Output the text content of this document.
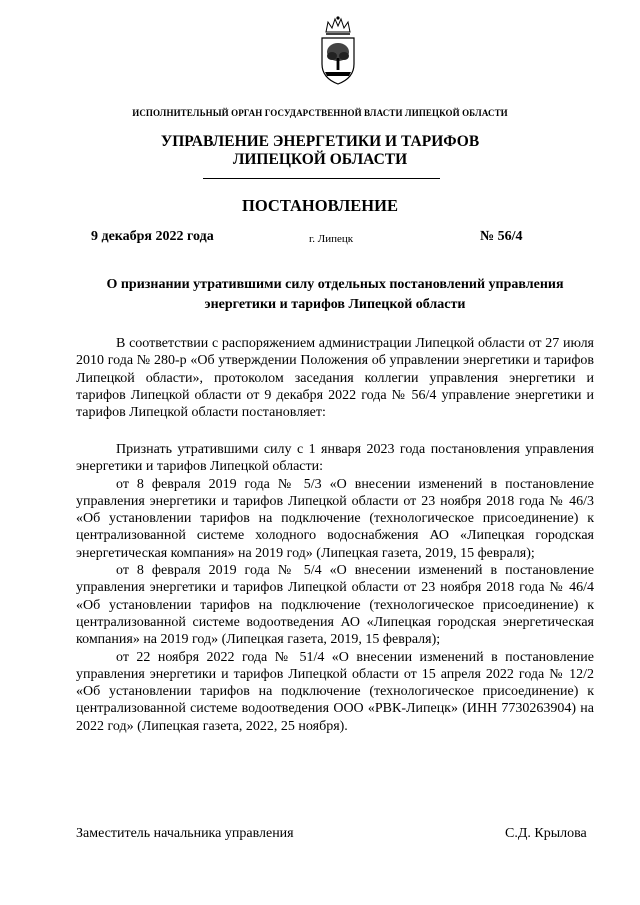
ИСПОЛНИТЕЛЬНЫЙ ОРГАН ГОСУДАРСТВЕННОЙ ВЛАСТИ ЛИПЕЦКОЙ ОБЛАСТИ
УПРАВЛЕНИЕ ЭНЕРГЕТИКИ И ТАРИФОВ
ЛИПЕЦКОЙ ОБЛАСТИ
ПОСТАНОВЛЕНИЕ
9 декабря 2022 года	г. Липецк	№ 56/4
О признании утратившими силу отдельных постановлений управления энергетики и тарифов Липецкой области

В соответствии с распоряжением администрации Липецкой области от 27 июля 2010 года № 280-р «Об утверждении Положения об управлении энергетики и тарифов Липецкой области», протоколом заседания коллегии управления энергетики и тарифов Липецкой области от 9 декабря 2022 года № 56/4 управление энергетики и тарифов Липецкой области постановляет:

Признать утратившими силу с 1 января 2023 года постановления управления энергетики и тарифов Липецкой области:

от 8 февраля 2019 года № 5/3 «О внесении изменений в постановление управления энергетики и тарифов Липецкой области от 23 ноября 2018 года № 46/3 «Об установлении тарифов на подключение (технологическое присоединение) к централизованной системе холодного водоснабжения АО «Липецкая городская энергетическая компания» на 2019 год» (Липецкая газета, 2019, 15 февраля);

от 8 февраля 2019 года № 5/4 «О внесении изменений в постановление управления энергетики и тарифов Липецкой области от 23 ноября 2018 года № 46/4 «Об установлении тарифов на подключение (технологическое присоединение) к централизованной системе водоотведения АО «Липецкая городская энергетическая компания» на 2019 год» (Липецкая газета, 2019, 15 февраля);

от 22 ноября 2022 года № 51/4 «О внесении изменений в постановление управления энергетики и тарифов Липецкой области от 15 апреля 2022 года № 12/2 «Об установлении тарифов на подключение (технологическое присоединение) к централизованной системе водоотведения ООО «РВК-Липецк» (ИНН 7730263904) на 2022 год» (Липецкая газета, 2022, 25 ноября).

Заместитель начальника управления	С.Д. Крылова
